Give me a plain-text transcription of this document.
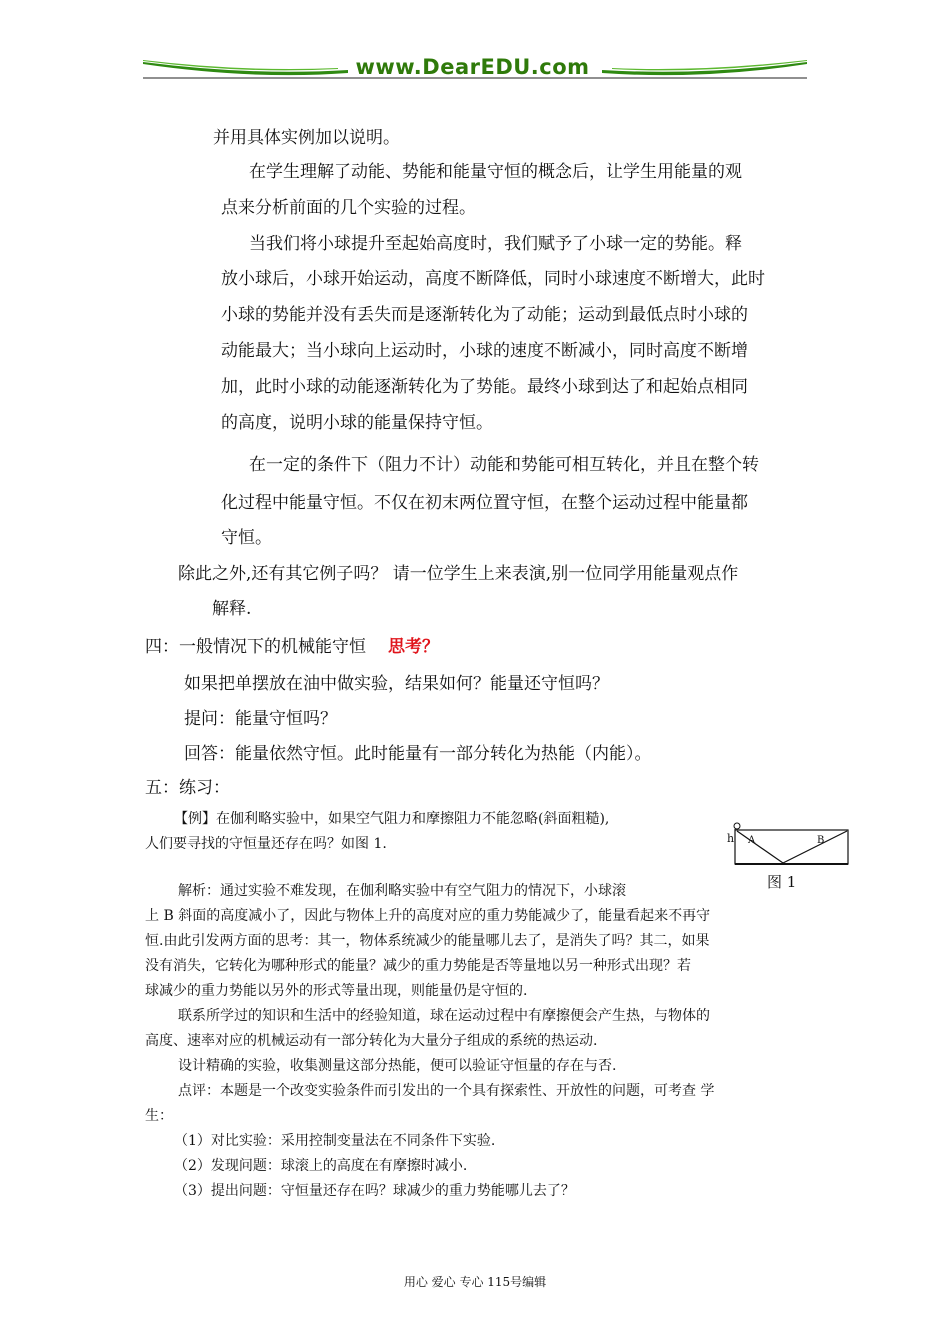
www.DearEDU.com
并用具体实例加以说明。
在学生理解了动能、势能和能量守恒的概念后，让学生用能量的观
点来分析前面的几个实验的过程。
当我们将小球提升至起始高度时，我们赋予了小球一定的势能。释
放小球后，小球开始运动，高度不断降低，同时小球速度不断增大，此时
小球的势能并没有丢失而是逐渐转化为了动能；运动到最低点时小球的
动能最大；当小球向上运动时，小球的速度不断减小，同时高度不断增
加，此时小球的动能逐渐转化为了势能。最终小球到达了和起始点相同
的高度，说明小球的能量保持守恒。
在一定的条件下（阻力不计）动能和势能可相互转化，并且在整个转
化过程中能量守恒。不仅在初末两位置守恒，在整个运动过程中能量都
守恒。
除此之外,还有其它例子吗？ 请一位学生上来表演,别一位同学用能量观点作
解释.
四：一般情况下的机械能守恒 思考？
如果把单摆放在油中做实验，结果如何？能量还守恒吗？
提问：能量守恒吗？
回答：能量依然守恒。此时能量有一部分转化为热能（内能）。
五：练习：
【例】在伽利略实验中，如果空气阻力和摩擦阻力不能忽略(斜面粗糙),
人们要寻找的守恒量还存在吗？如图 1.	h A	B
图 1
解析：通过实验不难发现，在伽利略实验中有空气阻力的情况下，小球滚
上 B 斜面的高度减小了，因此与物体上升的高度对应的重力势能减少了，能量看起来不再守
恒.由此引发两方面的思考：其一，物体系统减少的能量哪儿去了，是消失了吗？其二，如果
没有消失，它转化为哪种形式的能量？减少的重力势能是否等量地以另一种形式出现？若
球减少的重力势能以另外的形式等量出现，则能量仍是守恒的.
联系所学过的知识和生活中的经验知道，球在运动过程中有摩擦便会产生热，与物体的
高度、速率对应的机械运动有一部分转化为大量分子组成的系统的热运动.
设计精确的实验，收集测量这部分热能，便可以验证守恒量的存在与否.
点评：本题是一个改变实验条件而引发出的一个具有探索性、开放性的问题，可考查 学
生：
（1）对比实验：采用控制变量法在不同条件下实验.
（2）发现问题：球滚上的高度在有摩擦时减小.
（3）提出问题：守恒量还存在吗？球减少的重力势能哪儿去了？
用心 爱心 专心 115号编辑
